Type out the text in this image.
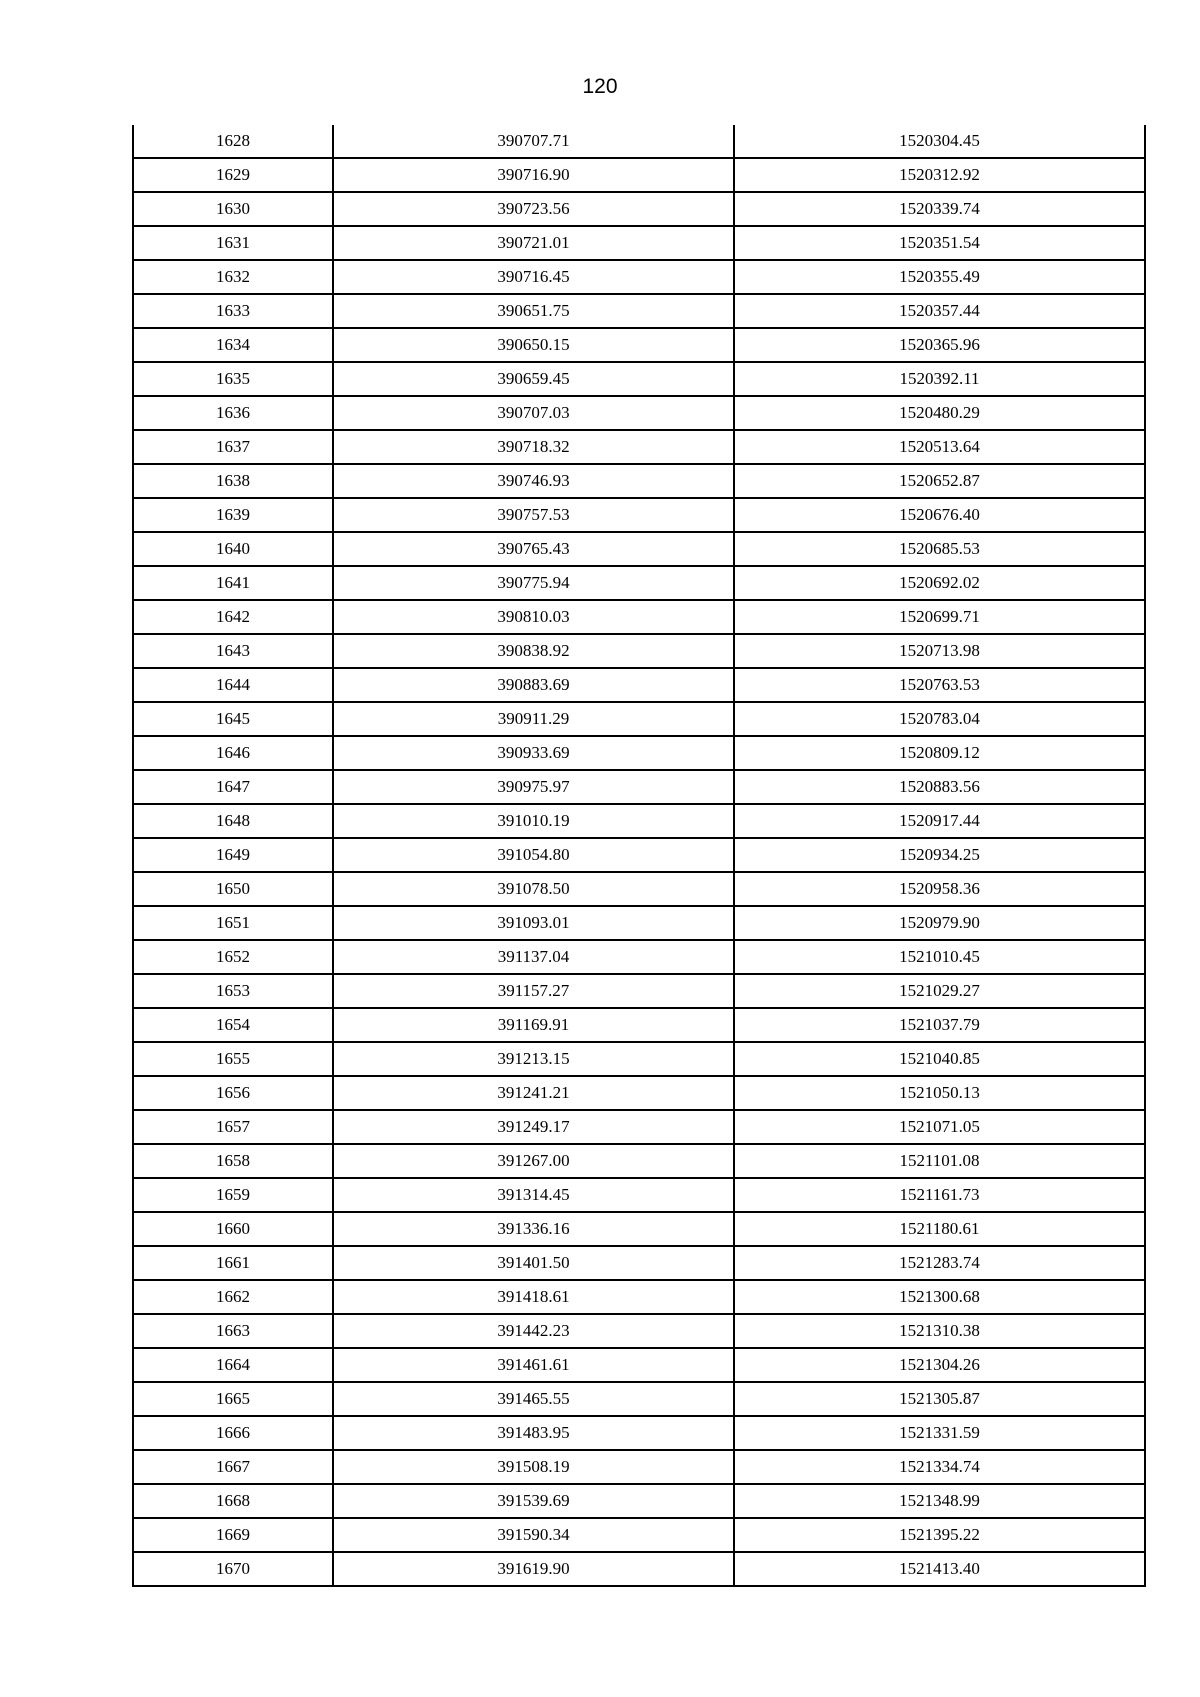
120
1628	390707.71	1520304.45
1629	390716.90	1520312.92
1630	390723.56	1520339.74
1631	390721.01	1520351.54
1632	390716.45	1520355.49
1633	390651.75	1520357.44
1634	390650.15	1520365.96
1635	390659.45	1520392.11
1636	390707.03	1520480.29
1637	390718.32	1520513.64
1638	390746.93	1520652.87
1639	390757.53	1520676.40
1640	390765.43	1520685.53
1641	390775.94	1520692.02
1642	390810.03	1520699.71
1643	390838.92	1520713.98
1644	390883.69	1520763.53
1645	390911.29	1520783.04
1646	390933.69	1520809.12
1647	390975.97	1520883.56
1648	391010.19	1520917.44
1649	391054.80	1520934.25
1650	391078.50	1520958.36
1651	391093.01	1520979.90
1652	391137.04	1521010.45
1653	391157.27	1521029.27
1654	391169.91	1521037.79
1655	391213.15	1521040.85
1656	391241.21	1521050.13
1657	391249.17	1521071.05
1658	391267.00	1521101.08
1659	391314.45	1521161.73
1660	391336.16	1521180.61
1661	391401.50	1521283.74
1662	391418.61	1521300.68
1663	391442.23	1521310.38
1664	391461.61	1521304.26
1665	391465.55	1521305.87
1666	391483.95	1521331.59
1667	391508.19	1521334.74
1668	391539.69	1521348.99
1669	391590.34	1521395.22
1670	391619.90	1521413.40
